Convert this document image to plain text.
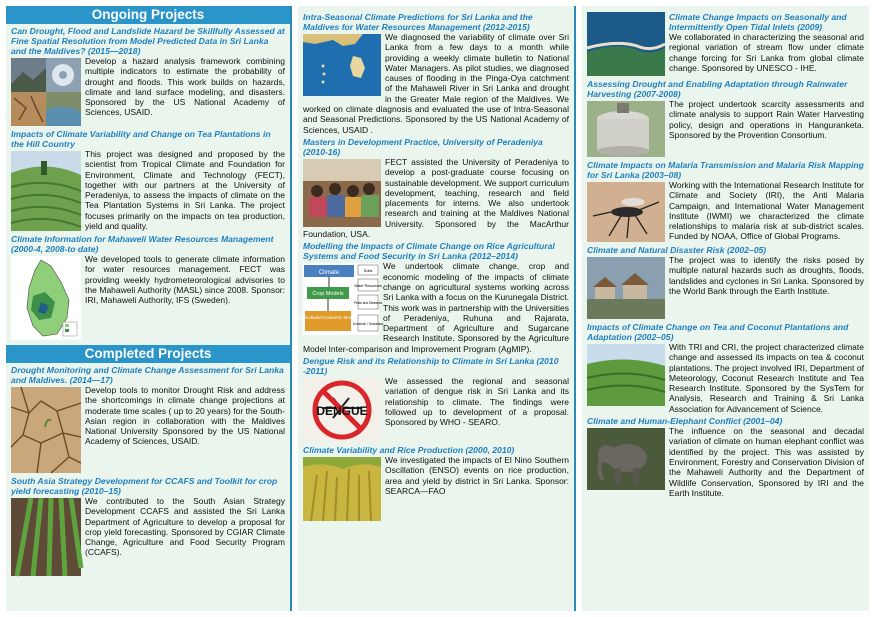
Ongoing Projects
Can Drought, Flood and Landslide Hazard be Skillfully Assessed at Fine Spatial Resolution from Model Predicted Data in Sri Lanka and the Maldives? (2015—2018)
Develop a hazard analysis framework combining multiple indicators to estimate the probability of drought and floods. This work builds on hazards, climate and land surface modeling, and disasters. Sponsored by the US National Academy of Sciences, USAID.
Impacts of Climate Variability and Change on Tea Plantations in the Hill Country
This project was designed and proposed by the scientist from Tropical Climate and Foundation for Environment, Climate and Technology (FECT), together with our partners at the University of Peradeniya, to assess the impacts of climate on the Tea Plantation Systems in Sri Lanka. The project focuses primarily on the impacts on tea production, yield and quality.
Climate Information for Mahaweli Water Resources Management (2000-4, 2008-to date)
We developed tools to generate climate information for water resources management. FECT was providing weekly hydrometeorological advisories to the Mahaweli Authority (MASL) since 2008. Sponsor: IRI, Mahaweli Authority, IFS (Sweden).
Completed Projects
Drought Monitoring and Climate Change Assessment for Sri Lanka and Maldives. (2014—17)
Develop tools to monitor Drought Risk and address the shortcomings in climate change projections at moderate time scales ( up to 20 years) for the South-Asian region in collaboration with the Maldives National University Sponsored by the US National Academy of Sciences, USAID.
South Asia Strategy Development for CCAFS and Toolkit for crop yield forecasting (2010–15)
We contributed to the South Asian Strategy Development CCAFS and assisted the Sri Lanka Department of Agriculture to develop a proposal for crop yield forecasting. Sponsored by CGIAR Climate Change, Agriculture and Food Security Program (CCAFS).
Intra-Seasonal Climate Predictions for Sri Lanka and the Maldives for Water Resources Management (2012-2015)
We diagnosed the variability of climate over Sri Lanka from a few days to a month while providing a weekly climate bulletin to National Water Managers. As pilot studies, we diagnosed causes of flooding in the Pinga-Oya catchment of the Mahaweli River in Sri Lanka and drought in the Greater Male region of the Maldives. We worked on climate diagnosis and evaluated the use of Intra-Seasonal and Seasonal Predictions. Sponsored by the US National Academy of Sciences, USAID .
Masters in Development Practice, University of Peradeniya (2010-16)
FECT assisted the University of Peradeniya to develop a post-graduate course focusing on sustainable development. We support curriculum development, teaching, research and field placements for interns. We also undertook research and training at the Maldives National University. Sponsored by the MacArthur Foundation, USA.
Modelling the Impacts of Climate Change on Rice Agricultural Systems and Food Security in Sri Lanka (2012–2014)
Climate
Crop Models
Agricultural Economic Models
Soils
Water Resources
Pests and Diseases
Livestock / Grassland
We undertook climate change, crop and economic modeling of the impacts of climate change on agricultural systems working across Sri Lanka with a focus on the Kurunegala District. This work was in partnership with the Universities of Peradeniya, Ruhuna and Rajarata, Department of Agriculture and Sugarcane Research Institute. Sponsored by the Agriculture Model Inter-comparison and Improvement Program (AgMIP).
Dengue Risk and its Relationship to Climate in Sri Lanka (2010 -2011)
DENGUE
We assessed the regional and seasonal variation of dengue risk in Sri Lanka and its relationship to climate. The findings were followed up to development of a proposal. Sponsored by WHO - SEARO.
Climate Variability and Rice Production (2000, 2010)
We investigated the impacts of El Nino Southern Oscillation (ENSO) events on rice production, area and yield by district in Sri Lanka. Sponsor: SEARCA—FAO
Climate Change Impacts on Seasonally and Intermittently Open Tidal Inlets (2009)
We collaborated in characterizing the seasonal and regional variation of stream flow under climate change forcing for Sri Lanka from global climate change. Sponsored by UNESCO - IHE.
Assessing Drought and Enabling Adaptation through Rainwater Harvesting (2007-2008)
The project undertook scarcity assessments and climate analysis to support Rain Water Harvesting policy, design and operations in Hanguranketa. Sponsored by the Provention Consortium.
Climate Impacts on Malaria Transmission and Malaria Risk Mapping for Sri Lanka (2003–08)
Working with the International Research Institute for Climate and Society (IRI), the Anti Malaria Campaign, and International Water Management Institute (IWMI) we characterized the climate relationships to malaria risk at sub-district scales. Funded by NOAA, Office of Global Programs.
Climate and Natural Disaster Risk (2002–05)
The project was to identify the risks posed by multiple natural hazards such as droughts, floods, landslides and cyclones in Sri Lanka. Sponsored by the World Bank through the Earth Institute.
Impacts of Climate Change on Tea and Coconut Plantations and Adaptation (2002–05)
With TRI and CRI, the project characterized climate change and assessed its impacts on tea & coconut plantations. The project involved IRI, Department of Meteorology, Coconut Research Institute and Tea Research Institute. Sponsored by the SysTem for Analysis, Research and Training & Sri Lanka Association for Advancement of Science.
Climate and Human-Elephant Conflict (2001–04)
The influence on the seasonal and decadal variation of climate on human elephant conflict was identified by the project. This was assisted by Environment, Forestry and Conservation Division of the Mahaweli Authority and the Department of Wildlife Conservation, Sponsored by IRI and the Earth Institute.
